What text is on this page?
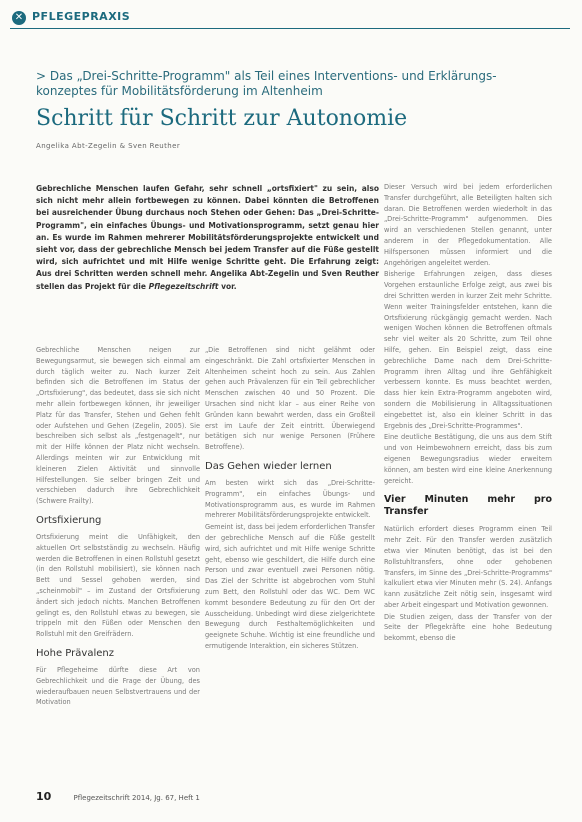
✕ PFLEGEPRAXIS
> Das „Drei-Schritte-Programm" als Teil eines Interventions- und Erklärungs-konzeptes für Mobilitätsförderung im Altenheim
Schritt für Schritt zur Autonomie
Angelika Abt-Zegelin & Sven Reuther
Gebrechliche Menschen laufen Gefahr, sehr schnell „ortsfixiert" zu sein, also sich nicht mehr allein fortbewegen zu können. Dabei könnten die Betroffenen bei ausreichender Übung durchaus noch Stehen oder Gehen: Das „Drei-Schritte-Programm", ein einfaches Übungs- und Motivationsprogramm, setzt genau hier an. Es wurde im Rahmen mehrerer Mobilitätsförderungsprojekte entwickelt und sieht vor, dass der gebrechliche Mensch bei jedem Transfer auf die Füße gestellt wird, sich aufrichtet und mit Hilfe wenige Schritte geht. Die Erfahrung zeigt: Aus drei Schritten werden schnell mehr. Angelika Abt-Zegelin und Sven Reuther stellen das Projekt für die Pflegezeitschrift vor.

Gebrechliche Menschen neigen zur Bewegungsarmut, sie bewegen sich einmal am durch täglich weiter zu. Nach kurzer Zeit befinden sich die Betroffenen im Status der „Ortsfixierung", das bedeutet, dass sie sich nicht mehr allein fortbewegen können, ihr jeweiliger Platz für das Transfer, Stehen und Gehen fehlt oder Aufstehen und Gehen (Zegelin, 2005). Sie beschreiben sich selbst als „festgenagelt", nur mit der Hilfe können der Platz nicht wechseln. Allerdings meinten wir zur Entwicklung mit kleineren Zielen Aktivität und sinnvolle Hilfestellungen. Sie selber bringen Zeit und verschieben dadurch ihre Gebrechlichkeit (Schwere Frailty).

Ortsfixierung

Ortsfixierung meint die Unfähigkeit, den aktuellen Ort selbstständig zu wechseln. Häufig werden die Betroffenen in einen Rollstuhl gesetzt (in den Rollstuhl mobilisiert), sie können nach Bett und Sessel gehoben werden, sind „scheinmobil" – im Zustand der Ortsfixierung ändert sich jedoch nichts. Manchen Betroffenen gelingt es, den Rollstuhl etwas zu bewegen, sie trippeln mit den Füßen oder Menschen den Rollstuhl mit den Greifrädern.

Hohe Prävalenz

Für Pflegeheime dürfte diese Art von Gebrechlichkeit und die Frage der Übung, des wiederaufbauen neuen Selbstvertrauens und der Motivation

„Die Betroffenen sind nicht gelähmt oder eingeschränkt. Die Zahl ortsfixierter Menschen in Altenheimen scheint hoch zu sein. Aus Zahlen gehen auch Prävalenzen für ein Teil gebrechlicher Menschen zwischen 40 und 50 Prozent. Die Ursachen sind nicht klar – aus einer Reihe von Gründen kann bewahrt werden, dass ein Großteil erst im Laufe der Zeit eintritt. Überwiegend betätigen sich nur wenige Personen (Frühere Betroffene).

Das Gehen wieder lernen

Am besten wirkt sich das „Drei-Schritte-Programm", ein einfaches Übungs- und Motivationsprogramm aus, es wurde im Rahmen mehrerer Mobilitätsförderungsprojekte entwickelt.

Gemeint ist, dass bei jedem erforderlichen Transfer der gebrechliche Mensch auf die Füße gestellt wird, sich aufrichtet und mit Hilfe wenige Schritte geht, ebenso wie geschildert, die Hilfe durch eine Person und zwar eventuell zwei Personen nötig. Das Ziel der Schritte ist abgebrochen vom Stuhl zum Bett, den Rollstuhl oder das WC. Dem WC kommt besondere Bedeutung zu für den Ort der Ausscheidung. Unbedingt wird diese zielgerichtete Bewegung durch Festhaltemöglichkeiten und geeignete Schuhe. Wichtig ist eine freundliche und ermutigende Interaktion, ein sicheres Stützen.

Dieser Versuch wird bei jedem erforderlichen Transfer durchgeführt, alle Beteiligten halten sich daran. Die Betroffenen werden wiederholt in das „Drei-Schritte-Programm" aufgenommen. Dies wird an verschiedenen Stellen genannt, unter anderem in der Pflegedokumentation. Alle Hilfspersonen müssen informiert und die Angehörigen angeleitet werden.

Bisherige Erfahrungen zeigen, dass dieses Vorgehen erstaunliche Erfolge zeigt, aus zwei bis drei Schritten werden in kurzer Zeit mehr Schritte. Wenn weiter Trainingsfelder entstehen, kann die Ortsfixierung rückgängig gemacht werden. Nach wenigen Wochen können die Betroffenen oftmals sehr viel weiter als 20 Schritte, zum Teil ohne Hilfe, gehen. Ein Beispiel zeigt, dass eine gebrechliche Dame nach dem Drei-Schritte-Programm ihren Alltag und ihre Gehfähigkeit verbessern konnte. Es muss beachtet werden, dass hier kein Extra-Programm angeboten wird, sondern die Mobilisierung in Alltagssituationen eingebettet ist, also ein kleiner Schritt in das Ergebnis des „Drei-Schritte-Programmes".

Eine deutliche Bestätigung, die uns aus dem Stift und von Heimbewohnern erreicht, dass bis zum eigenen Bewegungsradius wieder erweitern können, am besten wird eine kleine Anerkennung gereicht.

Vier Minuten mehr pro Transfer

Natürlich erfordert dieses Programm einen Teil mehr Zeit. Für den Transfer werden zusätzlich etwa vier Minuten benötigt, das ist bei den Rollstuhltransfers, ohne oder gehobenen Transfers, im Sinne des „Drei-Schritte-Programms" kalkuliert etwa vier Minuten mehr (S. 24). Anfangs kann zusätzliche Zeit nötig sein, insgesamt wird aber Arbeit eingespart und Motivation gewonnen.

Die Studien zeigen, dass der Transfer von der Seite der Pflegekräfte eine hohe Bedeutung bekommt, ebenso die

10	Pflegezeitschrift 2014, Jg. 67, Heft 1
